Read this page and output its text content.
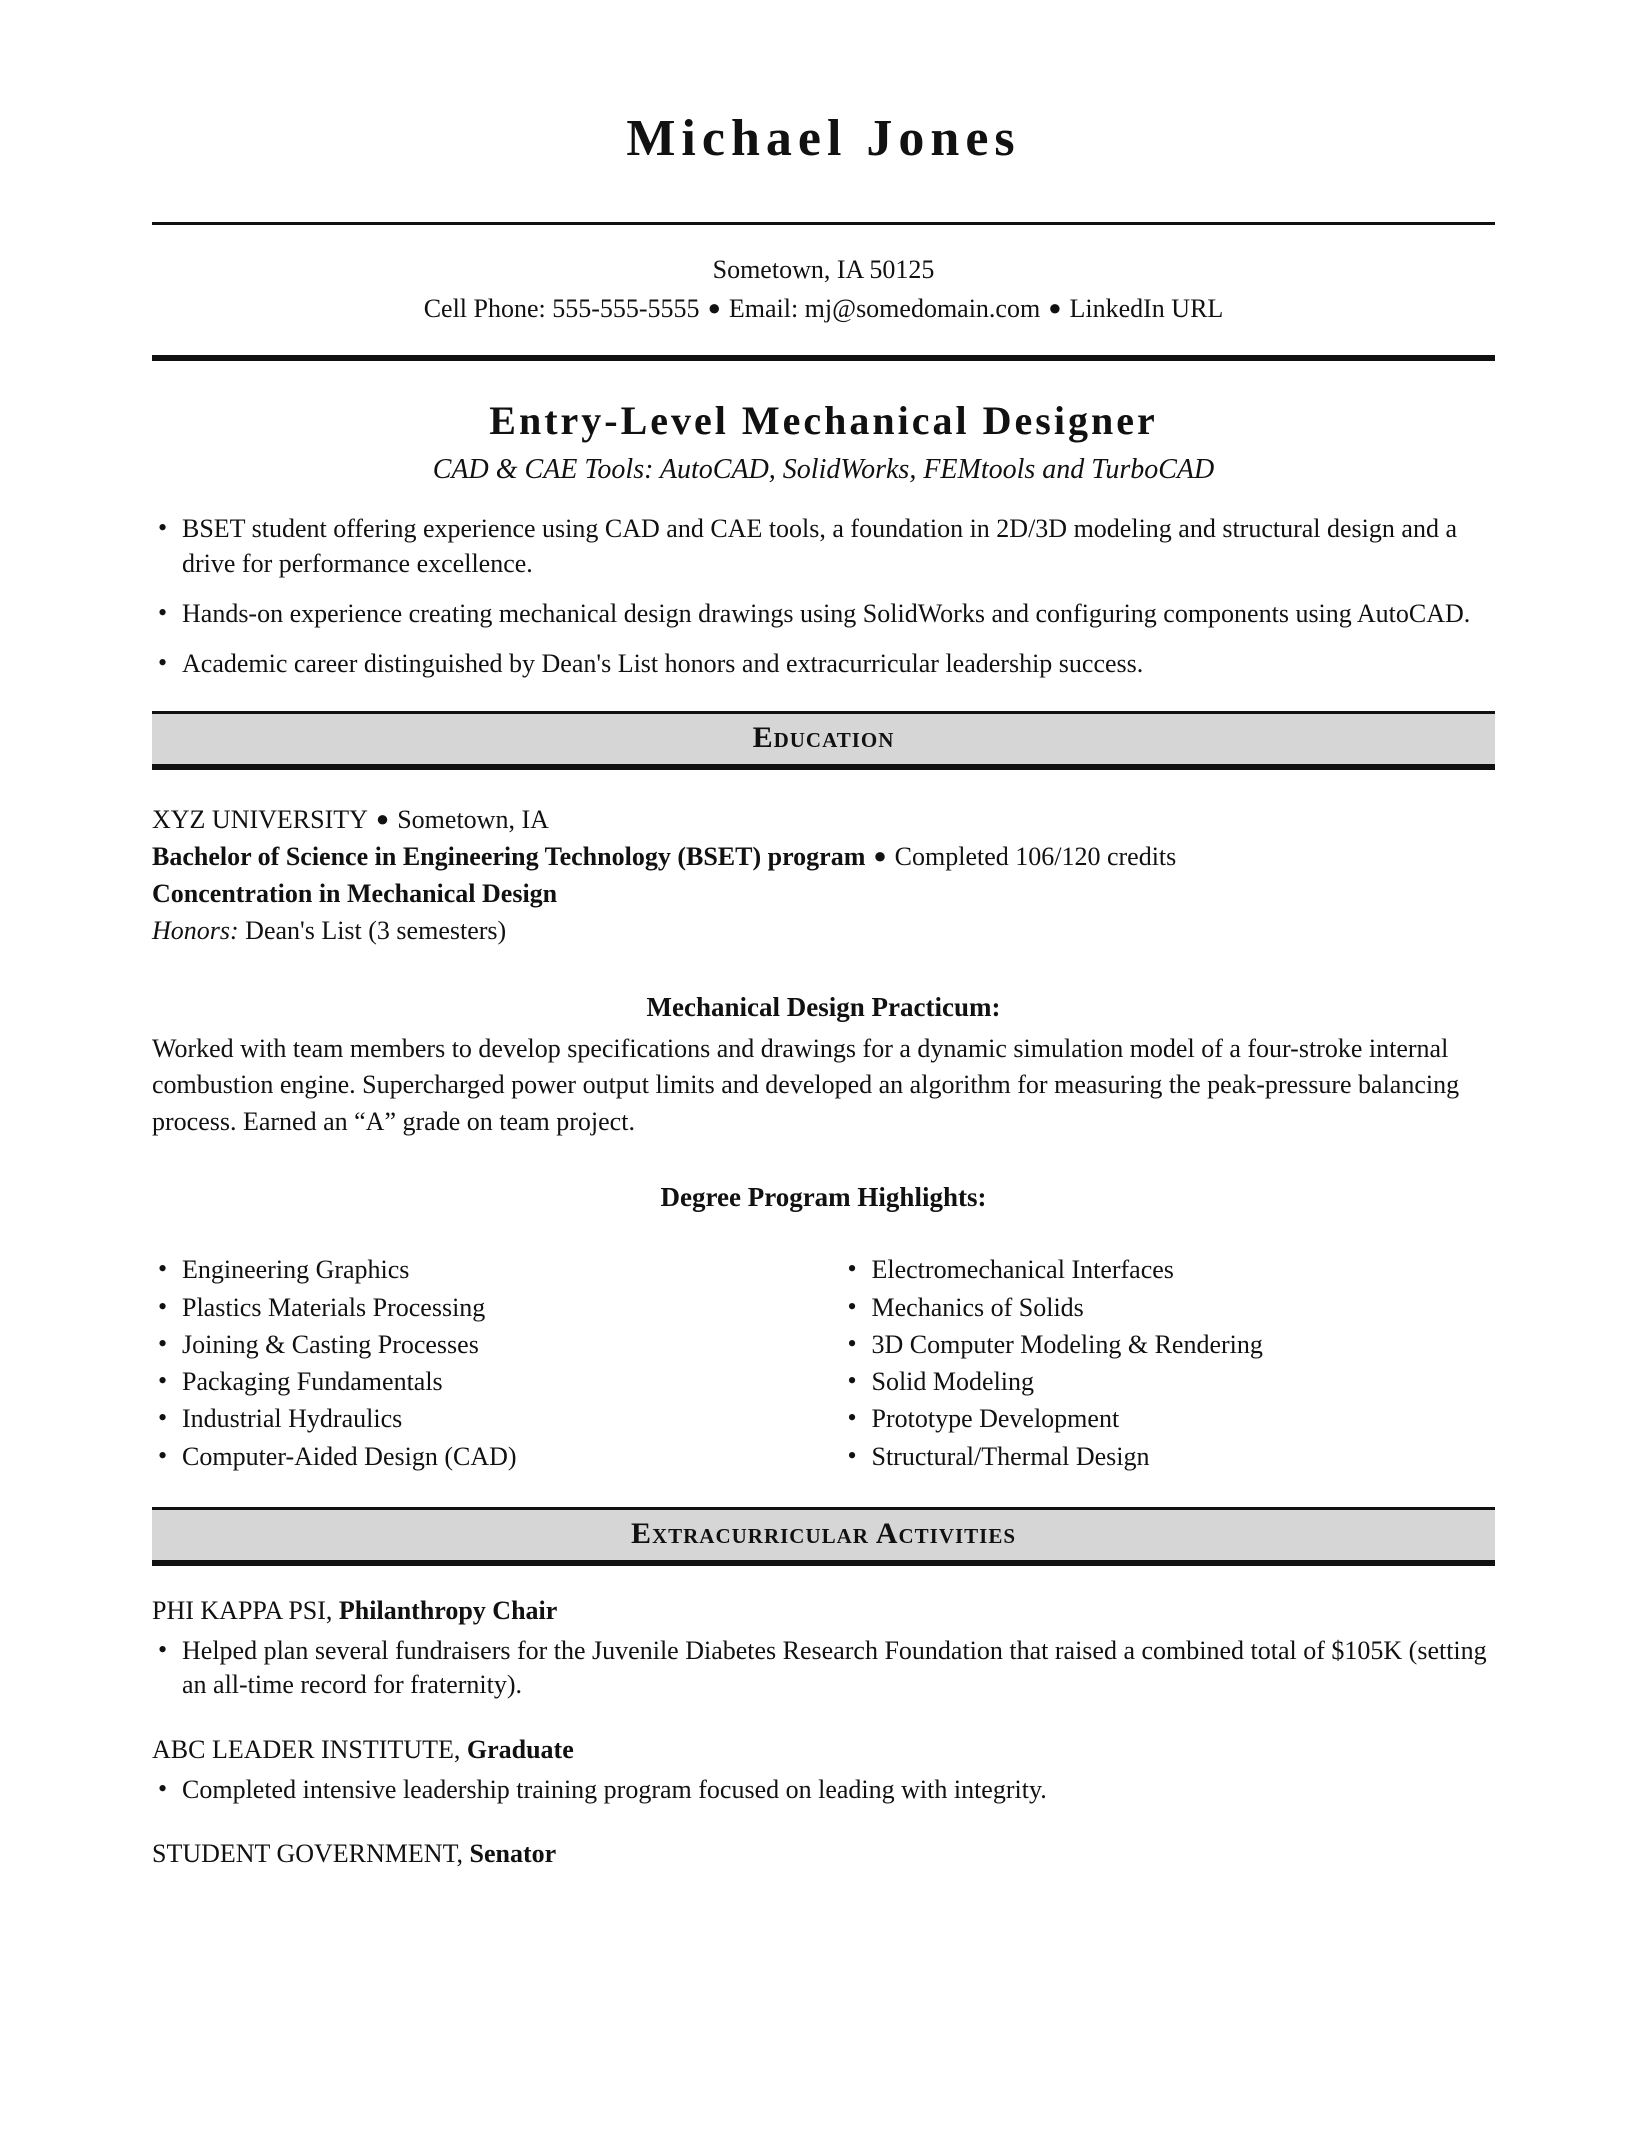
Michael Jones
Sometown, IA 50125
Cell Phone: 555-555-5555 ● Email: mj@somedomain.com ● LinkedIn URL
Entry-Level Mechanical Designer
CAD & CAE Tools: AutoCAD, SolidWorks, FEMtools and TurboCAD
• BSET student offering experience using CAD and CAE tools, a foundation in 2D/3D modeling and structural design and a drive for performance excellence.
• Hands-on experience creating mechanical design drawings using SolidWorks and configuring components using AutoCAD.
• Academic career distinguished by Dean's List honors and extracurricular leadership success.
Education
XYZ UNIVERSITY ● Sometown, IA
Bachelor of Science in Engineering Technology (BSET) program ● Completed 106/120 credits
Concentration in Mechanical Design
Honors: Dean's List (3 semesters)
Mechanical Design Practicum:
Worked with team members to develop specifications and drawings for a dynamic simulation model of a four-stroke internal combustion engine. Supercharged power output limits and developed an algorithm for measuring the peak-pressure balancing process. Earned an “A” grade on team project.
Degree Program Highlights:
• Engineering Graphics
• Plastics Materials Processing
• Joining & Casting Processes
• Packaging Fundamentals
• Industrial Hydraulics
• Computer-Aided Design (CAD)
• Electromechanical Interfaces
• Mechanics of Solids
• 3D Computer Modeling & Rendering
• Solid Modeling
• Prototype Development
• Structural/Thermal Design
Extracurricular Activities
PHI KAPPA PSI, Philanthropy Chair
• Helped plan several fundraisers for the Juvenile Diabetes Research Foundation that raised a combined total of $105K (setting an all-time record for fraternity).
ABC LEADER INSTITUTE, Graduate
• Completed intensive leadership training program focused on leading with integrity.
STUDENT GOVERNMENT, Senator
